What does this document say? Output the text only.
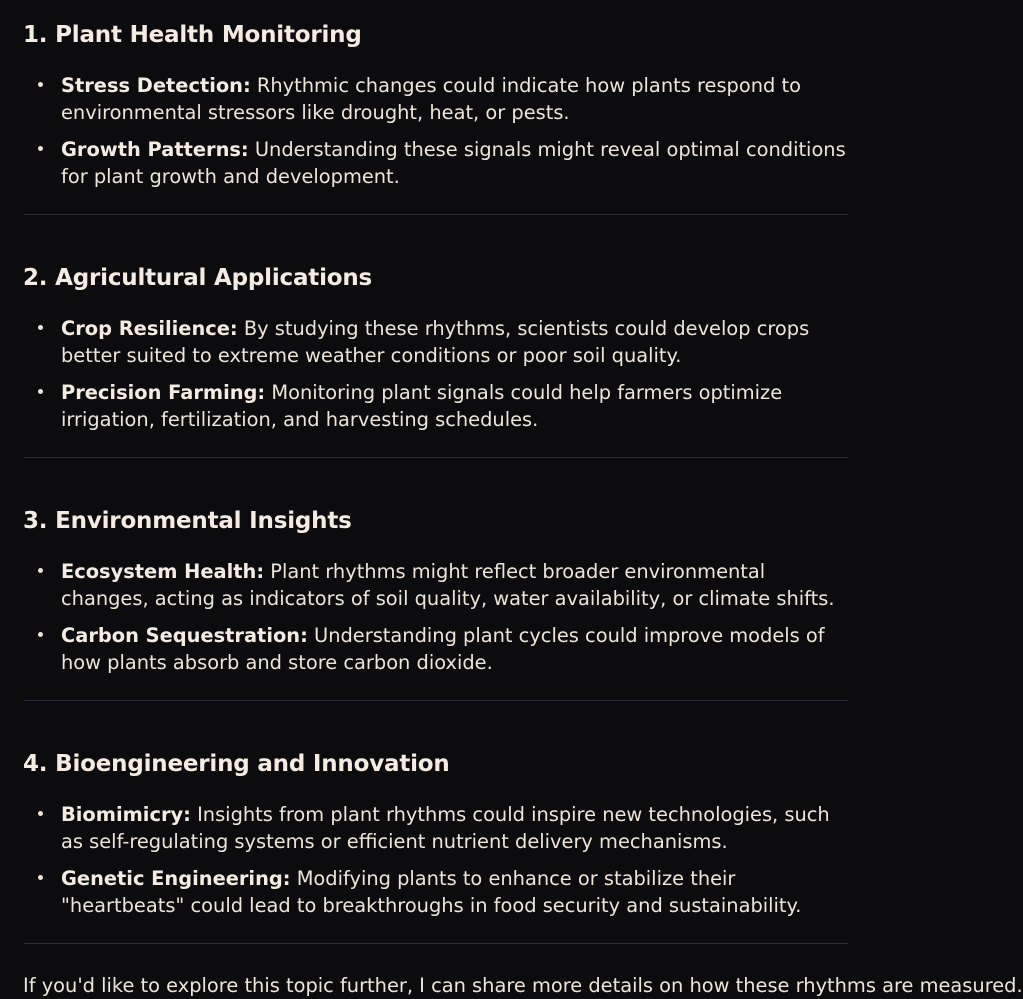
1. Plant Health Monitoring
Stress Detection: Rhythmic changes could indicate how plants respond to environmental stressors like drought, heat, or pests.
Growth Patterns: Understanding these signals might reveal optimal conditions for plant growth and development.
2. Agricultural Applications
Crop Resilience: By studying these rhythms, scientists could develop crops better suited to extreme weather conditions or poor soil quality.
Precision Farming: Monitoring plant signals could help farmers optimize irrigation, fertilization, and harvesting schedules.
3. Environmental Insights
Ecosystem Health: Plant rhythms might reflect broader environmental changes, acting as indicators of soil quality, water availability, or climate shifts.
Carbon Sequestration: Understanding plant cycles could improve models of how plants absorb and store carbon dioxide.
4. Bioengineering and Innovation
Biomimicry: Insights from plant rhythms could inspire new technologies, such as self-regulating systems or efficient nutrient delivery mechanisms.
Genetic Engineering: Modifying plants to enhance or stabilize their "heartbeats" could lead to breakthroughs in food security and sustainability.
If you'd like to explore this topic further, I can share more details on how these rhythms are measured.
